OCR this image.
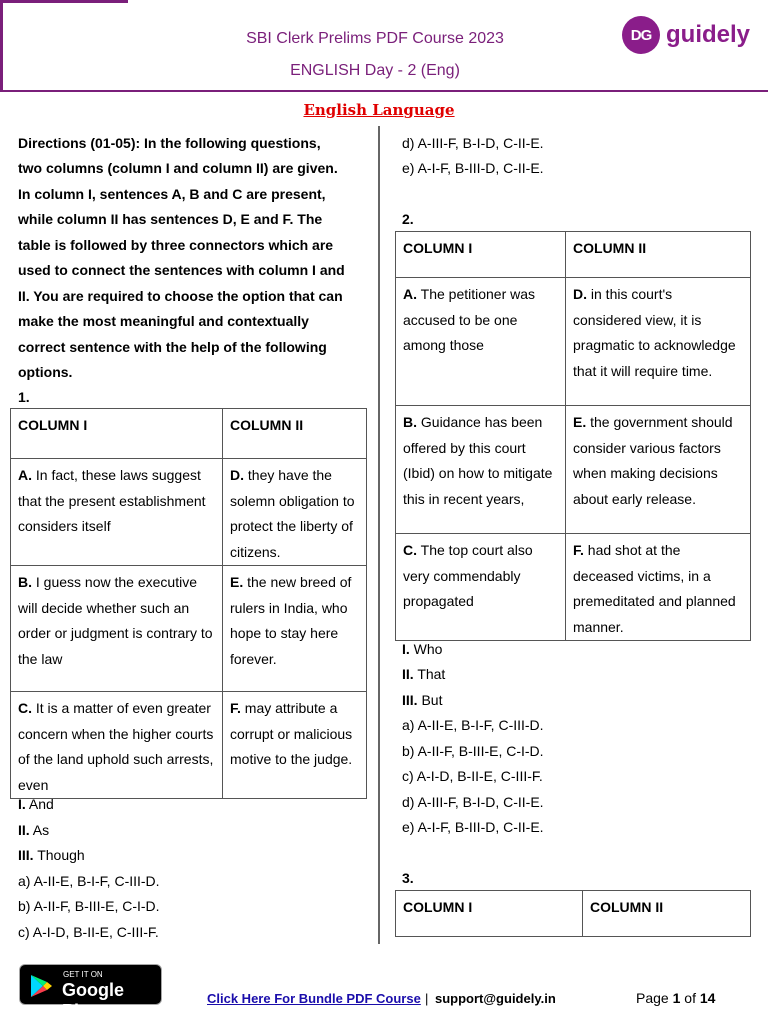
SBI Clerk Prelims PDF Course 2023
ENGLISH Day - 2 (Eng)
DG guidely
English Language
Directions (01-05): In the following questions,
two columns (column I and column II) are given.
In column I, sentences A, B and C are present,
while column II has sentences D, E and F. The
table is followed by three connectors which are
used to connect the sentences with column I and
II. You are required to choose the option that can
make the most meaningful and contextually
correct sentence with the help of the following
options.
1.
COLUMN I	COLUMN II
A. In fact, these laws suggest that the present establishment considers itself	D. they have the solemn obligation to protect the liberty of citizens.
B. I guess now the executive will decide whether such an order or judgment is contrary to the law	E. the new breed of rulers in India, who hope to stay here forever.
C. It is a matter of even greater concern when the higher courts of the land uphold such arrests, even	F. may attribute a corrupt or malicious motive to the judge.
I. And
II. As
III. Though
a) A-II-E, B-I-F, C-III-D.
b) A-II-F, B-III-E, C-I-D.
c) A-I-D, B-II-E, C-III-F.
d) A-III-F, B-I-D, C-II-E.
e) A-I-F, B-III-D, C-II-E.
2.
COLUMN I	COLUMN II
A. The petitioner was accused to be one among those	D. in this court's considered view, it is pragmatic to acknowledge that it will require time.
B. Guidance has been offered by this court (Ibid) on how to mitigate this in recent years,	E. the government should consider various factors when making decisions about early release.
C. The top court also very commendably propagated	F. had shot at the deceased victims, in a premeditated and planned manner.
I. Who
II. That
III. But
a) A-II-E, B-I-F, C-III-D.
b) A-II-F, B-III-E, C-I-D.
c) A-I-D, B-II-E, C-III-F.
d) A-III-F, B-I-D, C-II-E.
e) A-I-F, B-III-D, C-II-E.
3.
COLUMN I	COLUMN II
GET IT ON
Google Play
Click Here For Bundle PDF Course | support@guidely.in	Page 1 of 14
